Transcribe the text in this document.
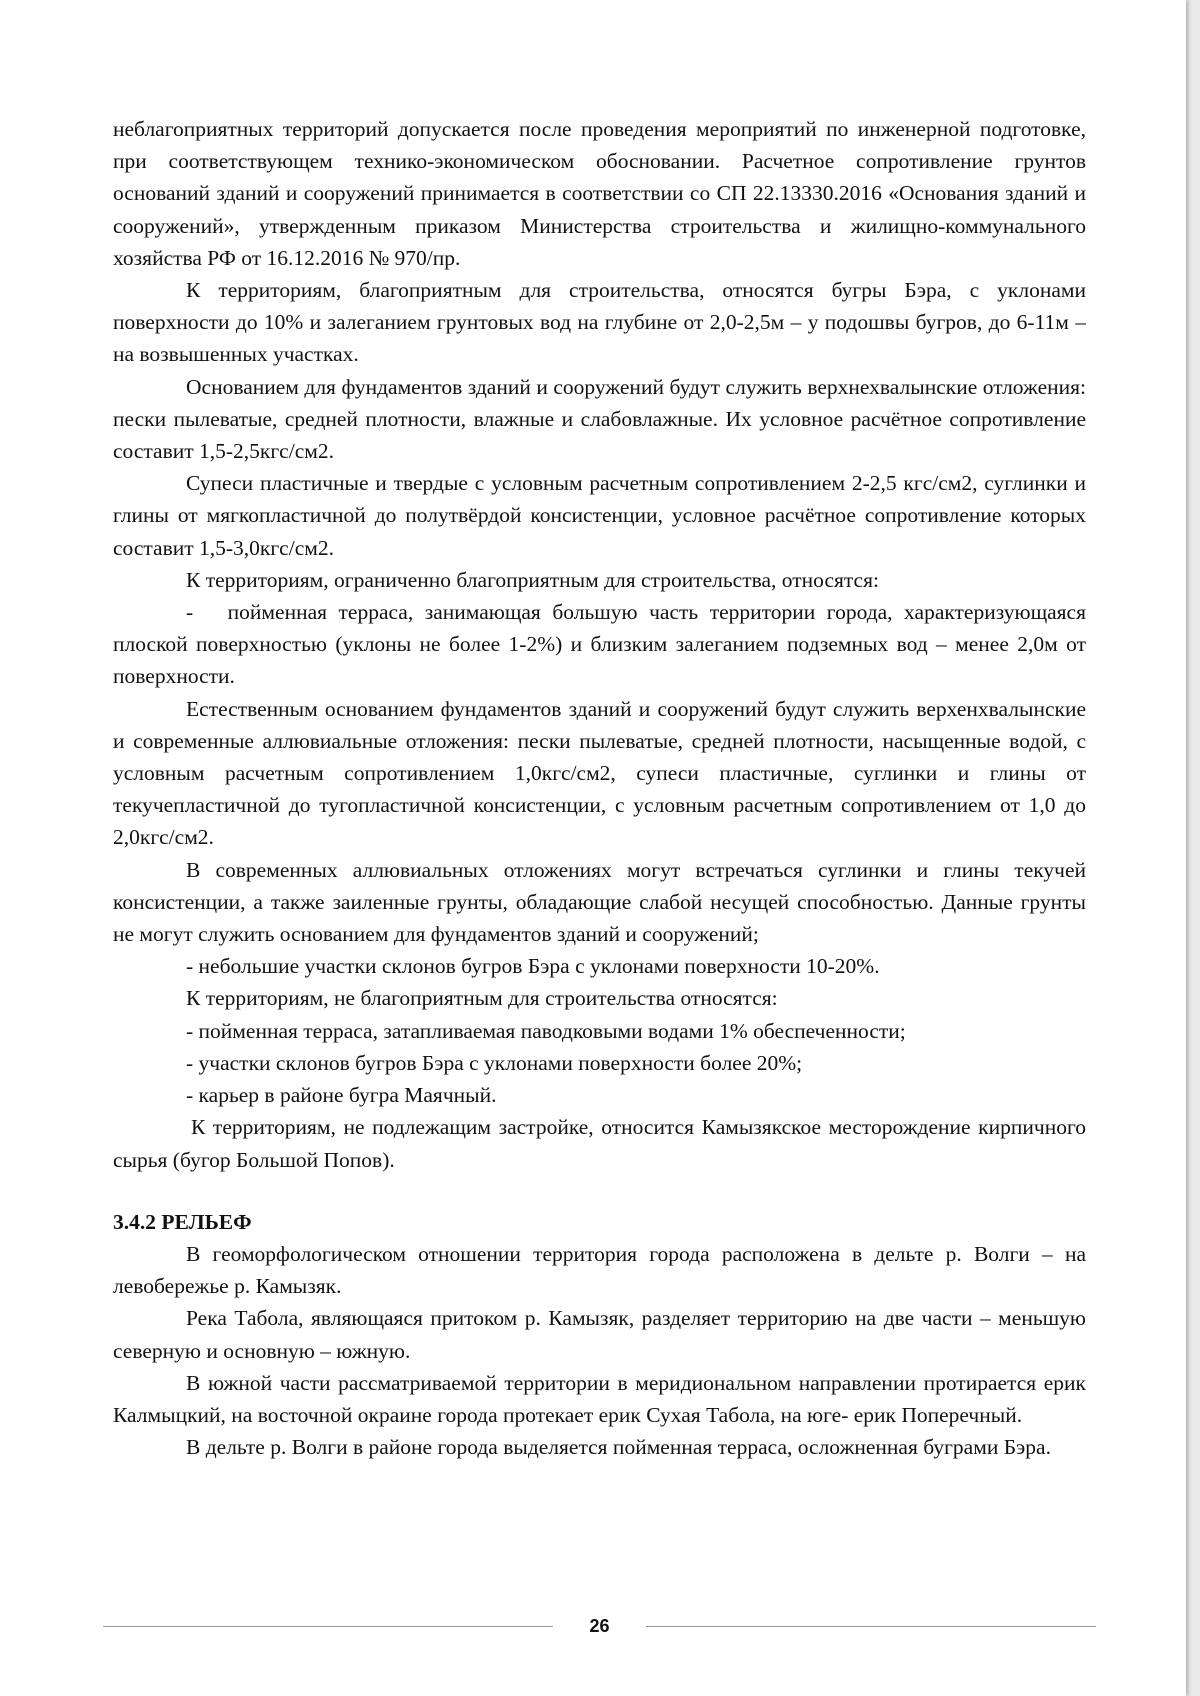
неблагоприятных территорий допускается после проведения мероприятий по инженерной подготовке, при соответствующем технико-экономическом обосновании. Расчетное сопротивление грунтов оснований зданий и сооружений принимается в соответствии со СП 22.13330.2016 «Основания зданий и сооружений», утвержденным приказом Министерства строительства и жилищно-коммунального хозяйства РФ от 16.12.2016 № 970/пр.

К территориям, благоприятным для строительства, относятся бугры Бэра, с уклонами поверхности до 10% и залеганием грунтовых вод на глубине от 2,0-2,5м – у подошвы бугров, до 6-11м – на возвышенных участках.

Основанием для фундаментов зданий и сооружений будут служить верхнехвалынские отложения: пески пылеватые, средней плотности, влажные и слабовлажные. Их условное расчётное сопротивление составит 1,5-2,5кгс/см2.

Супеси пластичные и твердые с условным расчетным сопротивлением 2-2,5 кгс/см2, суглинки и глины от мягкопластичной до полутвёрдой консистенции, условное расчётное сопротивление которых составит 1,5-3,0кгс/см2.

К территориям, ограниченно благоприятным для строительства, относятся:

-   пойменная терраса, занимающая большую часть территории города, характеризующаяся плоской поверхностью (уклоны не более 1-2%) и близким залеганием подземных вод – менее 2,0м от поверхности.

Естественным основанием фундаментов зданий и сооружений будут служить верхенхвалынские и современные аллювиальные отложения: пески пылеватые, средней плотности, насыщенные водой, с условным расчетным сопротивлением 1,0кгс/см2, супеси пластичные, суглинки и глины от текучепластичной до тугопластичной консистенции, с условным расчетным сопротивлением от 1,0 до 2,0кгс/см2.

В современных аллювиальных отложениях могут встречаться суглинки и глины текучей консистенции, а также заиленные грунты, обладающие слабой несущей способностью. Данные грунты не могут служить основанием для фундаментов зданий и сооружений;

- небольшие участки склонов бугров Бэра с уклонами поверхности 10-20%.

К территориям, не благоприятным для строительства относятся:

- пойменная терраса, затапливаемая паводковыми водами 1% обеспеченности;

- участки склонов бугров Бэра с уклонами поверхности более 20%;

- карьер в районе бугра Маячный.

К территориям, не подлежащим застройке, относится Камызякское месторождение кирпичного сырья (бугор Большой Попов).

3.4.2 РЕЛЬЕФ

В геоморфологическом отношении территория города расположена в дельте р. Волги – на левобережье р. Камызяк.

Река Табола, являющаяся притоком р. Камызяк, разделяет территорию на две части – меньшую северную и основную – южную.

В южной части рассматриваемой территории в меридиональном направлении протирается ерик Калмыцкий, на восточной окраине города протекает ерик Сухая Табола, на юге- ерик Поперечный.

В дельте р. Волги в районе города выделяется пойменная терраса, осложненная буграми Бэра.

26
